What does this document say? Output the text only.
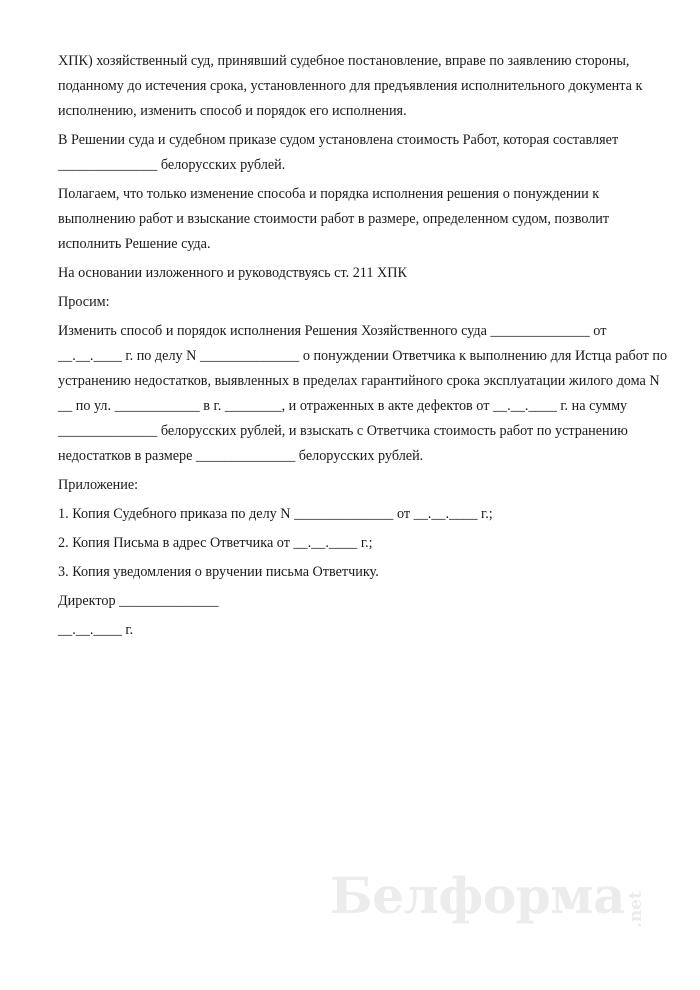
ХПК) хозяйственный суд, принявший судебное постановление, вправе по заявлению стороны,
поданному до истечения срока, установленного для предъявления исполнительного документа к
исполнению, изменить способ и порядок его исполнения.

В Решении суда и судебном приказе судом установлена стоимость Работ, которая составляет
______________ белорусских рублей.

Полагаем, что только изменение способа и порядка исполнения решения о понуждении к
выполнению работ и взыскание стоимости работ в размере, определенном судом, позволит
исполнить Решение суда.

На основании изложенного и руководствуясь ст. 211 ХПК

Просим:

Изменить способ и порядок исполнения Решения Хозяйственного суда ______________ от
__.__.____ г. по делу N ______________ о понуждении Ответчика к выполнению для Истца работ по
устранению недостатков, выявленных в пределах гарантийного срока эксплуатации жилого дома N
__ по ул. ____________ в г. ________, и отраженных в акте дефектов от __.__.____ г. на сумму
______________ белорусских рублей, и взыскать с Ответчика стоимость работ по устранению
недостатков в размере ______________ белорусских рублей.

Приложение:

1. Копия Судебного приказа по делу N ______________ от __.__.____ г.;

2. Копия Письма в адрес Ответчика от __.__.____ г.;

3. Копия уведомления о вручении письма Ответчику.

Директор ______________

__.__.____ г.

Белформа .net
